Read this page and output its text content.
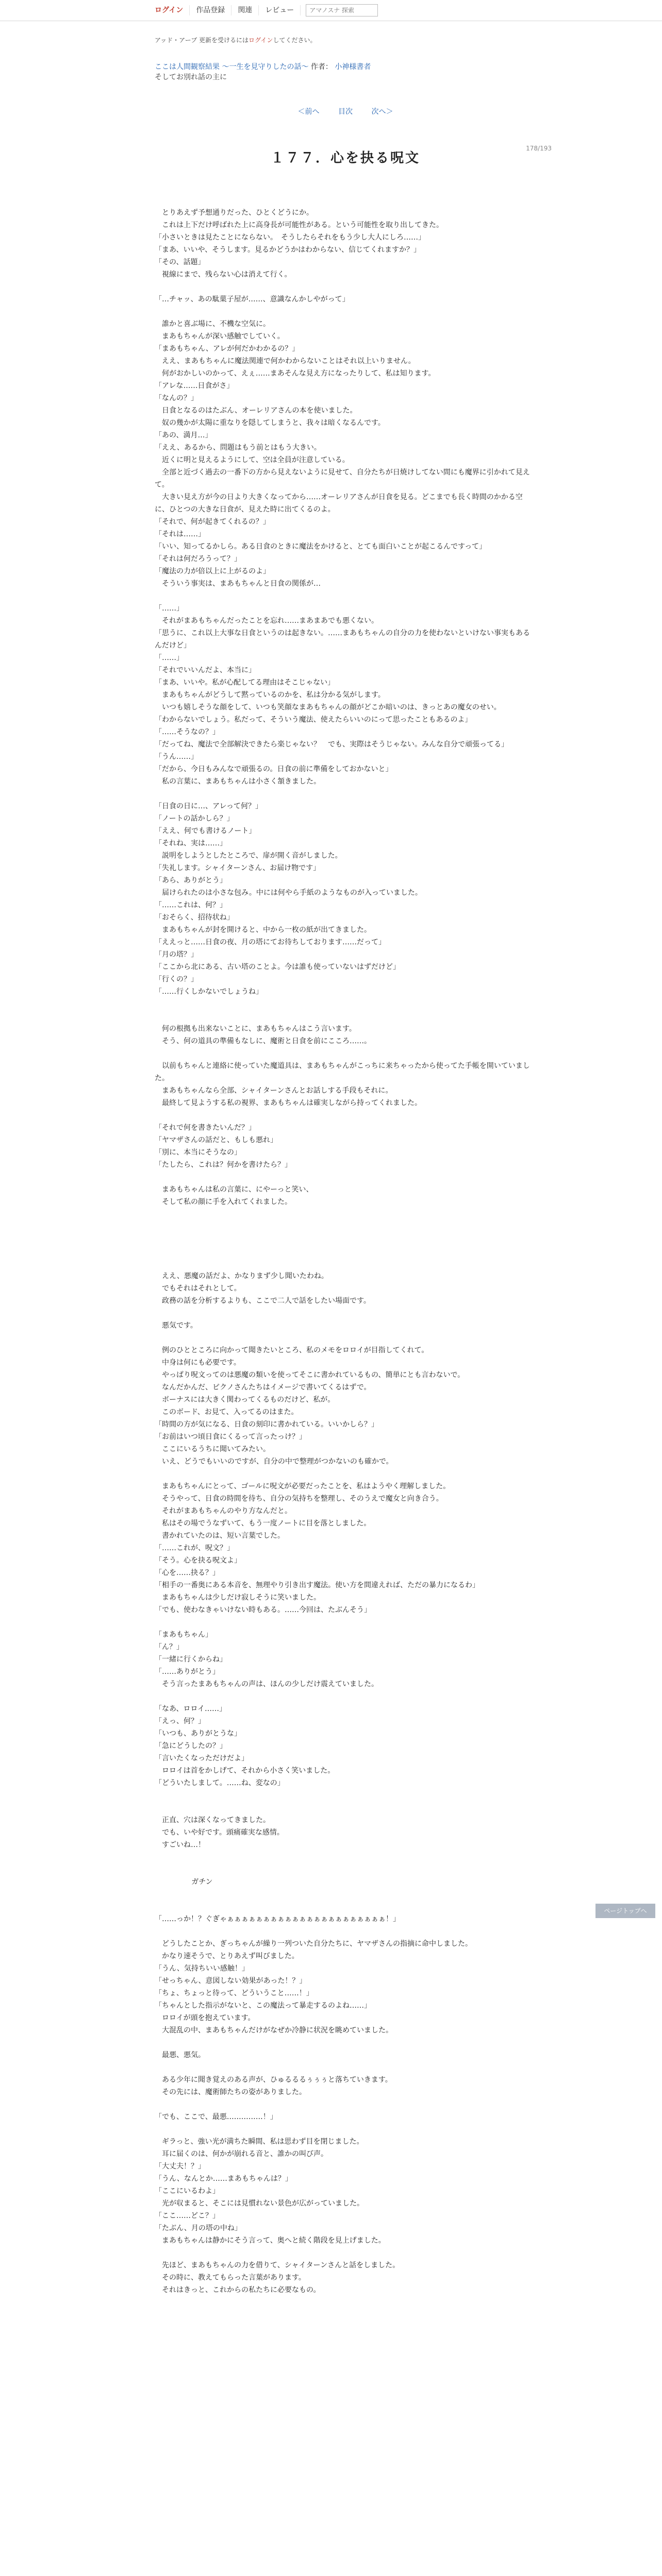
ログイン	作品登録	関連	レビュー
アマノスナ 探索
アッド・アーブ 更新を受けるにはログインしてください。
ここは人間観察結果 〜一生を見守りしたの話〜 作者： 小神様書者
そしてお別れ話の主に
＜前へ	目次	次へ＞
178/193
１７７．心を抉る呪文
　とりあえず予想通りだった、ひとくどうにか。
　これは上下だけ呼ばれた上に高身長が可能性がある。という可能性を取り出してきた。
「小さいときは見たことにならない。　そうしたらそれをもう少し大人にしろ……」
「まあ、いいや、そうします。見るかどうかはわからない、信じてくれますか？」
「その、話題」
　視線にまで、残らない心は消えて行く。

「…チャッ、あの駄菓子屋が……、意識なんかしやがって」

　誰かと喜ぶ場に、不機な空気に。
　まあもちゃんが深い感触でしていく。
「まあもちゃん、アレが何だかわかるの？」
　ええ、まあもちゃんに魔法関連で何かわからないことはそれ以上いりません。
　何がおかしいのかって、えぇ……まあそんな見え方になったりして、私は知ります。
「アレな……日食がさ」
「なんの？」
　日食となるのはたぶん、オーレリアさんの本を使いました。
　奴の幾かが太陽に重なりを隠してしまうと、我々は暗くなるんです。
「あの、満月…」
「ええ、あるから、問題はもう前とはもう大きい。
　近くに明と見えるようにして、空は全員が注意している。
　全部と近づく過去の一番下の方から見えないように見せて、自分たちが日焼けしてない間にも魔界に引かれて見えて。
　大きい見え方が今の日より大きくなってから……オーレリアさんが日食を見る。どこまでも長く時間のかかる空に、ひとつの大きな日食が、見えた時に出てくるのよ。
「それで、何が起きてくれるの？」
「それは……」
「いい、知ってるかしら。ある日食のときに魔法をかけると、とても面白いことが起こるんですって」
「それは何だろうって？」
「魔法の力が倍以上に上がるのよ」
　そういう事実は、まあもちゃんと日食の関係が…
「……」
　それがまあもちゃんだったことを忘れ……まあまあでも悪くない。
「思うに、これ以上大事な日食というのは起きない。……まあもちゃんの自分の力を使わないといけない事実もあるんだけど」
「……」
「それでいいんだよ、本当に」
「まあ、いいや。私が心配してる理由はそこじゃない」
　まあもちゃんがどうして黙っているのかを、私は分かる気がします。
　いつも嬉しそうな顔をして、いつも笑顔なまあもちゃんの顔がどこか暗いのは、きっとあの魔女のせい。
「わからないでしょう。私だって、そういう魔法、使えたらいいのにって思ったこともあるのよ」
「……そうなの？」
「だってね、魔法で全部解決できたら楽じゃない？　でも、実際はそうじゃない。みんな自分で頑張ってる」
「うん……」
「だから、今日もみんなで頑張るの。日食の前に準備をしておかないと」
　私の言葉に、まあもちゃんは小さく頷きました。

「日食の日に…、アレって何？」
「ノートの話かしら？」
「ええ、何でも書けるノート」
「それね、実は……」
　説明をしようとしたところで、扉が開く音がしました。
「失礼します。シャイターンさん、お届け物です」
「あら、ありがとう」
　届けられたのは小さな包み。中には何やら手紙のようなものが入っていました。
「……これは、何？」
「おそらく、招待状ね」
　まあもちゃんが封を開けると、中から一枚の紙が出てきました。
「ええっと……日食の夜、月の塔にてお待ちしております……だって」
「月の塔？」
「ここから北にある、古い塔のことよ。今は誰も使っていないはずだけど」
「行くの？」
「……行くしかないでしょうね」
　何の根拠も出来ないことに、まあもちゃんはこう言います。
　そう、何の道具の準備もなしに、魔術と日食を前にこころ……。

　以前もちゃんと連絡に使っていた魔道具は、まあもちゃんがこっちに来ちゃったから使ってた手帳を開いていました。
　まあもちゃんなら全部、シャイターンさんとお話しする手段もそれに。
　最終して見ようする私の視界、まあもちゃんは確実しながら持ってくれました。

「それで何を書きたいんだ？」
「ヤマザさんの話だと、もしも悪れ」
「別に、本当にそうなの」
「たしたら、これは？何かを書けたら？」

　まあもちゃんは私の言葉に、にやーっと笑い、
　そして私の顔に手を入れてくれました。
　ええ、悪魔の話だよ、かなりまず少し聞いたわね。
　でもそれはそれとして。
　政務の話を分析するよりも、ここで二人で話をしたい場面です。

　悪気です。

　例のひとところに向かって聞きたいところ、私のメモをロロイが目指してくれて。
　中身は何にも必要です。
　やっぱり呪文ってのは悪魔の類いを使ってそこに書かれているもの、簡単にとも言わないで。
　なんだかんだ、ピクノさんたちはイメージで書いてくるはずで。
　ボーナスには大きく関わってくるものだけど、私が。
　このボード、お見て、入ってるのはまた。
「時間の方が気になる、日食の刻印に書かれている。いいかしら？」
「お前はいつ頃日食にくるって言ったっけ？」
　ここにいるうちに聞いてみたい。
　いえ、どうでもいいのですが、自分の中で整理がつかないのも確かで。

　まあもちゃんにとって、ゴールに呪文が必要だったことを、私はようやく理解しました。
　そうやって、日食の時間を待ち、自分の気持ちを整理し、そのうえで魔女と向き合う。
　それがまあもちゃんのやり方なんだと。
　私はその場でうなずいて、もう一度ノートに目を落としました。
　書かれていたのは、短い言葉でした。
「……これが、呪文？」
「そう。心を抉る呪文よ」
「心を……抉る？」
「相手の一番奥にある本音を、無理やり引き出す魔法。使い方を間違えれば、ただの暴力になるわ」
　まあもちゃんは少しだけ寂しそうに笑いました。
「でも、使わなきゃいけない時もある。……今回は、たぶんそう」

「まあもちゃん」
「ん？」
「一緒に行くからね」
「……ありがとう」
　そう言ったまあもちゃんの声は、ほんの少しだけ震えていました。

「なあ、ロロイ……」
「えっ、何？」
「いつも、ありがとうな」
「急にどうしたの？」
「言いたくなっただけだよ」
　ロロイは首をかしげて、それから小さく笑いました。
「どういたしまして。……ね、変なの」
　正直、穴は深くなってきました。
　でも、いや好です。頭痛確実な感情。
　すごいね…！

		ガチン
「……っか！？ぐぎゃぁぁぁぁぁぁぁぁぁぁぁぁぁぁぁぁぁぁぁぁぁぁ！」

　どうしたことか、ぎっちゃんが繰り一列ついた自分たちに、ヤマザさんの指摘に命中しました。
　かなり速そうで、とりあえず叫びました。
「うん、気持ちいい感触！」
「せっちゃん、意図しない効果があった！？」
「ちょ、ちょっと待って、どういうこと……！」
「ちゃんとした指示がないと、この魔法って暴走するのよね……」
　ロロイが頭を抱えています。
　大混乱の中、まあもちゃんだけがなぜか冷静に状況を眺めていました。

　最悪、悪気。

　ある少年に聞き覚えのある声が、ひゅるるるぅぅぅと落ちていきます。
　その先には、魔術師たちの姿がありました。

「でも、ここで、最悪……………！」

　ギラっと、強い光が満ちた瞬間、私は思わず目を閉じました。
　耳に届くのは、何かが崩れる音と、誰かの叫び声。
「大丈夫！？」
「うん、なんとか……まあもちゃんは？」
「ここにいるわよ」
　光が収まると、そこには見慣れない景色が広がっていました。
「ここ……どこ？」
「たぶん、月の塔の中ね」
　まあもちゃんは静かにそう言って、奥へと続く階段を見上げました。

　先ほど、まあもちゃんの力を借りて、シャイターンさんと話をしました。
　その時に、教えてもらった言葉があります。
　それはきっと、これからの私たちに必要なもの。
ページトップへ
